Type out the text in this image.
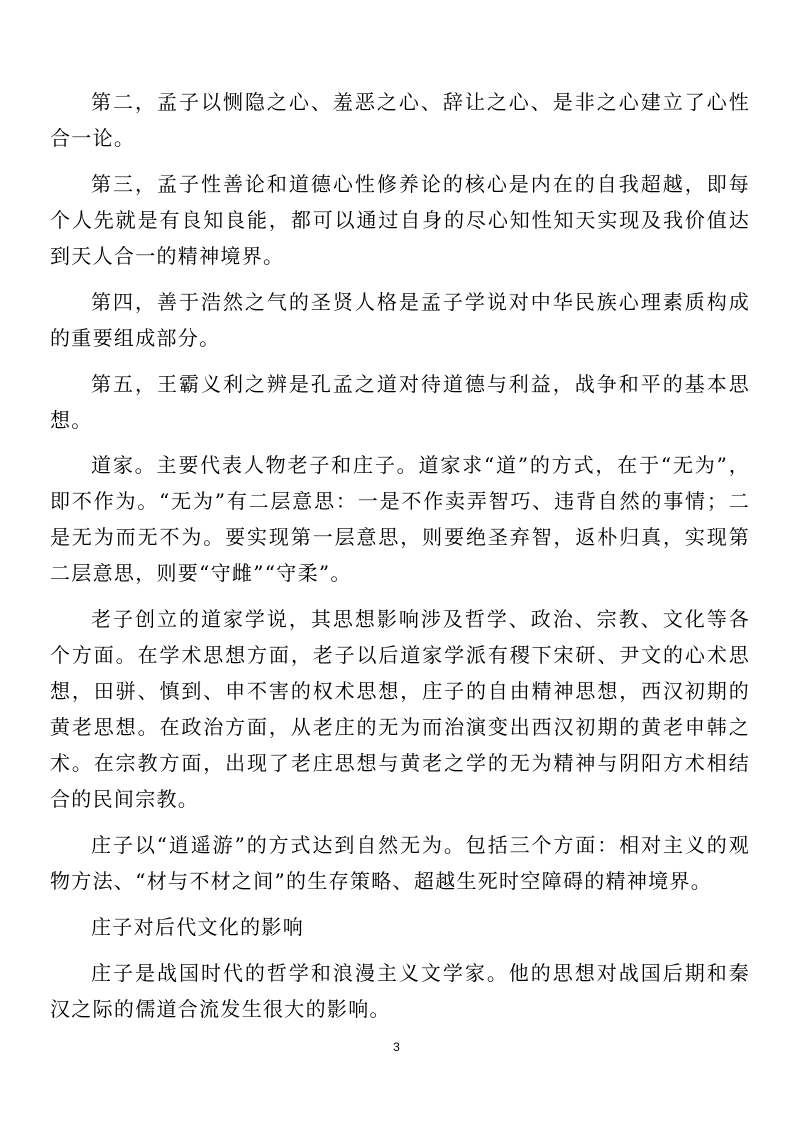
第二，孟子以恻隐之心、羞恶之心、辞让之心、是非之心建立了心性合一论。

第三，孟子性善论和道德心性修养论的核心是内在的自我超越，即每个人先就是有良知良能，都可以通过自身的尽心知性知天实现及我价值达到天人合一的精神境界。

第四，善于浩然之气的圣贤人格是孟子学说对中华民族心理素质构成的重要组成部分。

第五，王霸义利之辨是孔孟之道对待道德与利益，战争和平的基本思想。

道家。主要代表人物老子和庄子。道家求“道”的方式，在于“无为”，即不作为。“无为”有二层意思：一是不作卖弄智巧、违背自然的事情；二是无为而无不为。要实现第一层意思，则要绝圣弃智，返朴归真，实现第二层意思，则要“守雌”“守柔”。

老子创立的道家学说，其思想影响涉及哲学、政治、宗教、文化等各个方面。在学术思想方面，老子以后道家学派有稷下宋研、尹文的心术思想，田骈、慎到、申不害的权术思想，庄子的自由精神思想，西汉初期的黄老思想。在政治方面，从老庄的无为而治演变出西汉初期的黄老申韩之术。在宗教方面，出现了老庄思想与黄老之学的无为精神与阴阳方术相结合的民间宗教。

庄子以“逍遥游”的方式达到自然无为。包括三个方面：相对主义的观物方法、“材与不材之间”的生存策略、超越生死时空障碍的精神境界。

庄子对后代文化的影响

庄子是战国时代的哲学和浪漫主义文学家。他的思想对战国后期和秦汉之际的儒道合流发生很大的影响。

3
